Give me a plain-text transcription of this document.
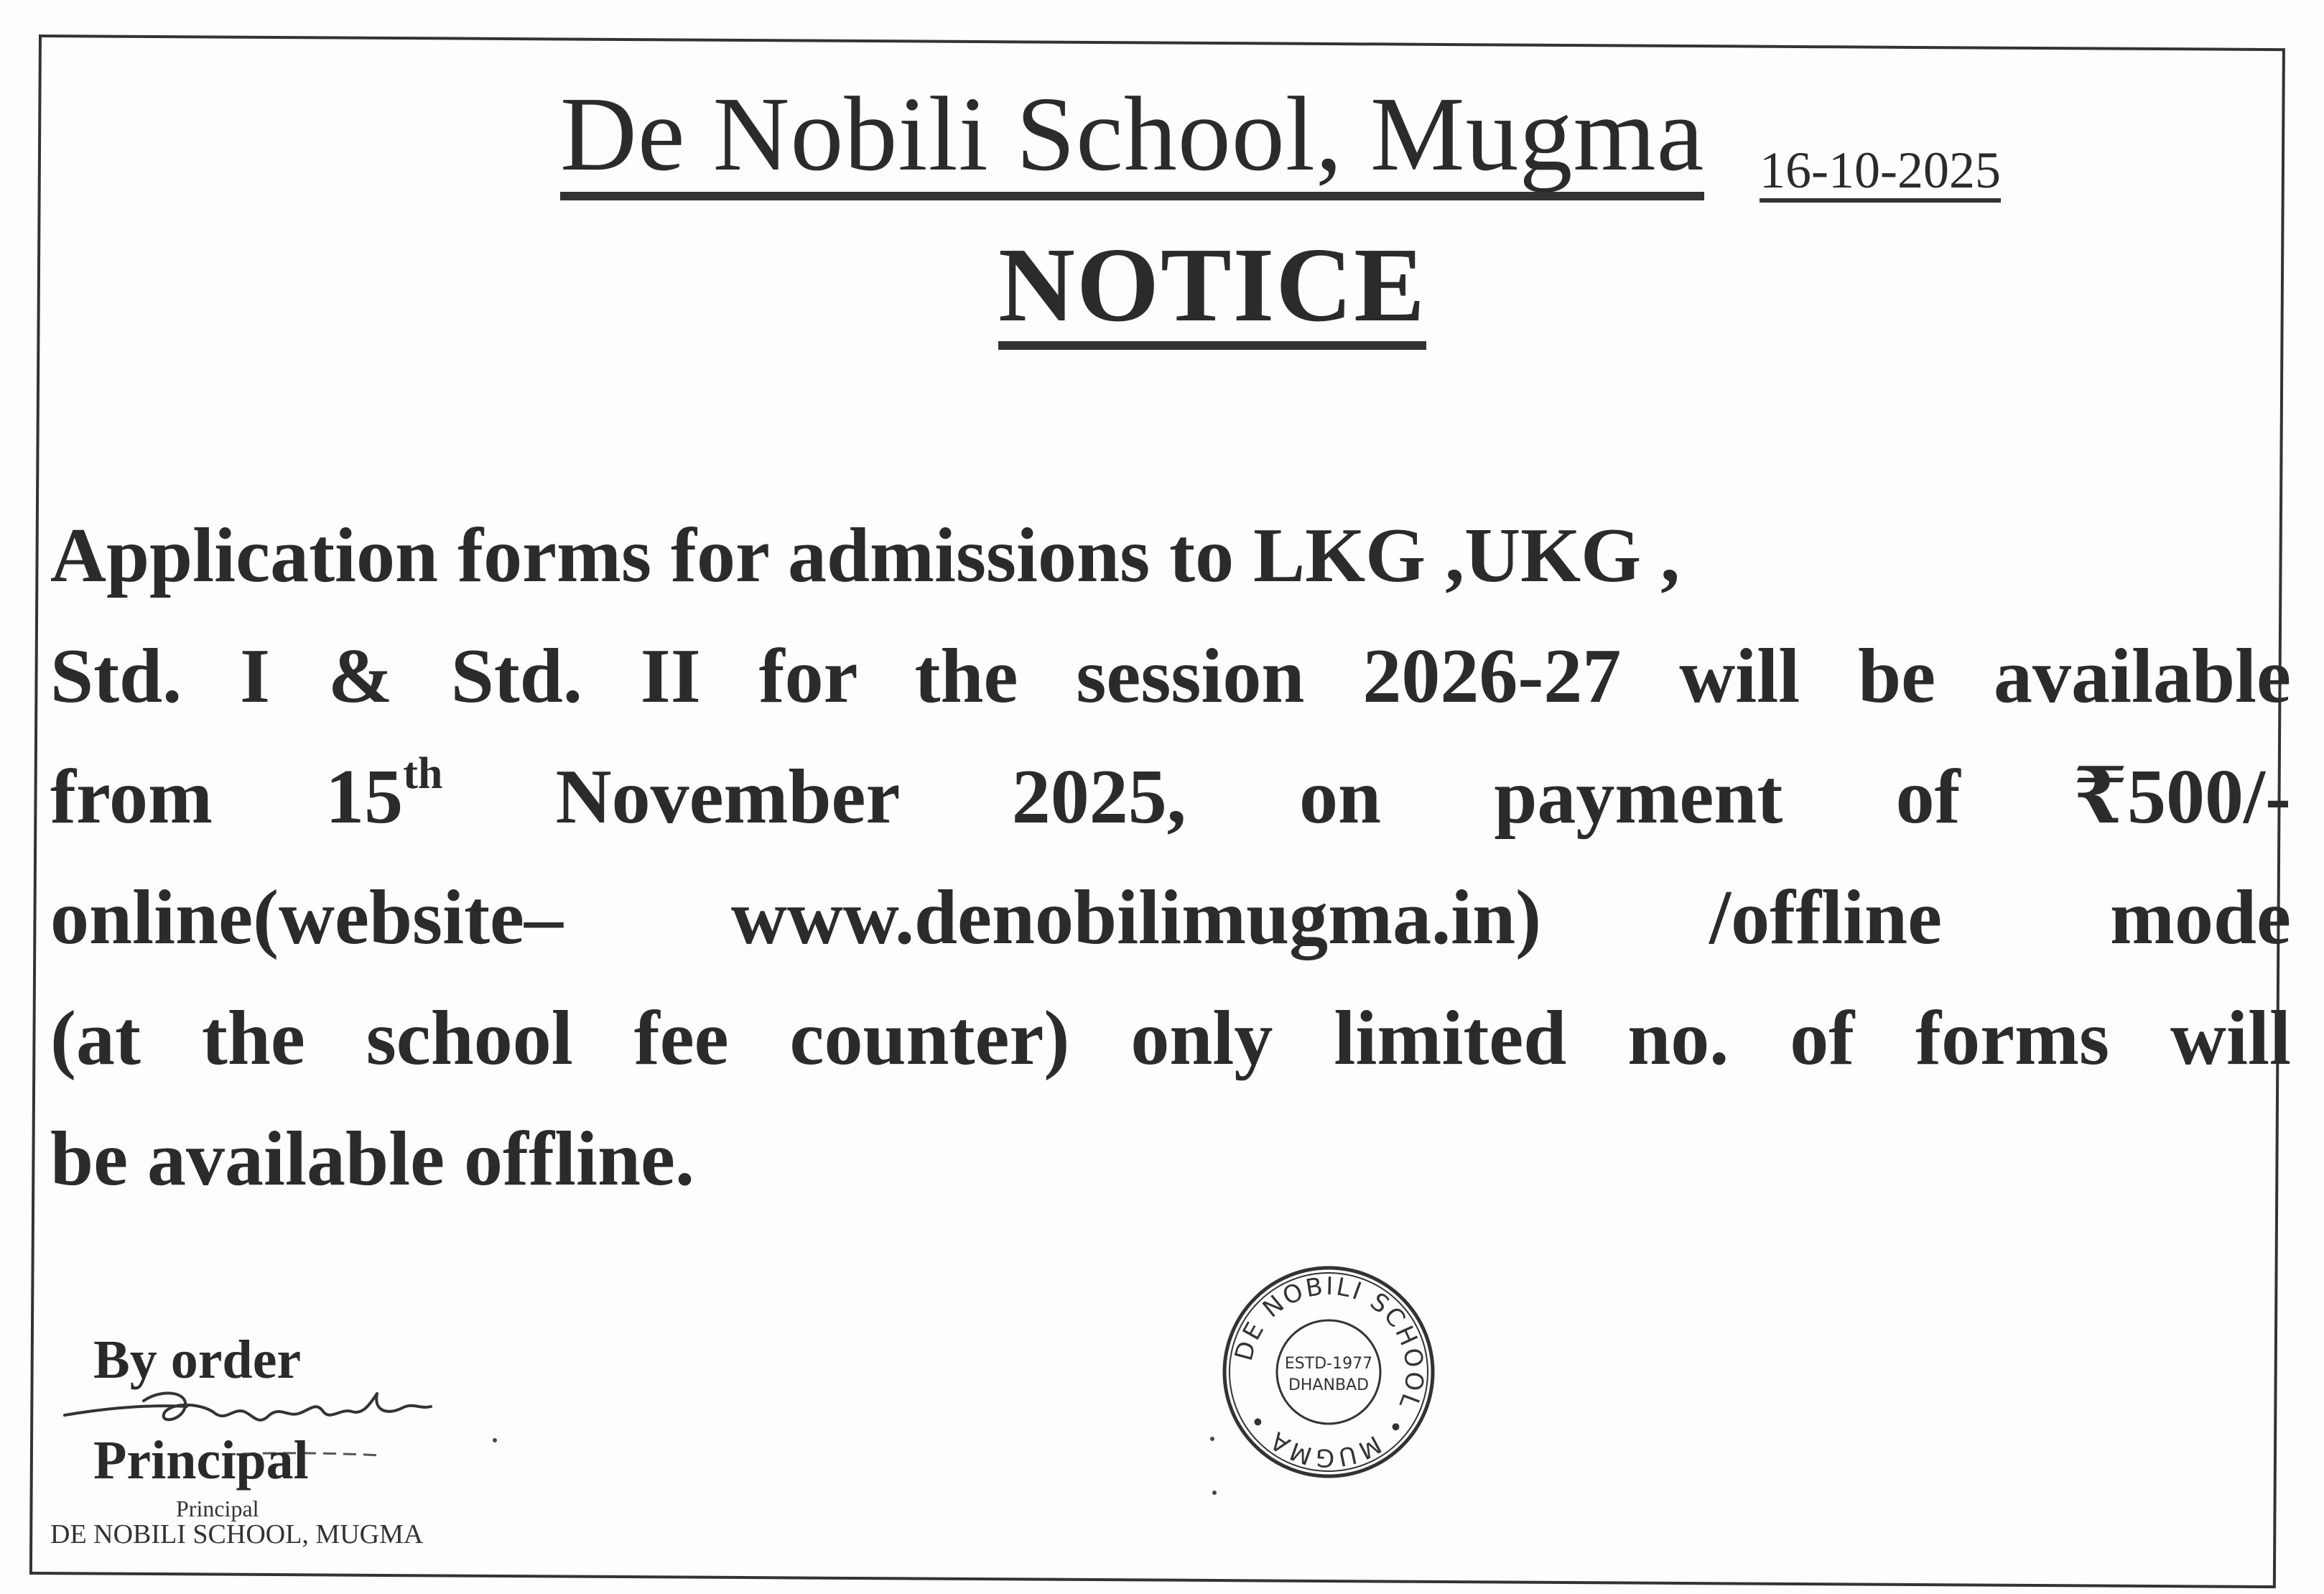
De Nobili School, Mugma 16-10-2025
NOTICE
Application forms for admissions to LKG ,UKG ,
Std. I & Std. II for the session 2026-27 will be available
from 15th November 2025, on payment of ₹500/-
online(website– www.denobilimugma.in) /offline mode
(at the school fee counter) only limited no. of forms will
be available offline.
By order
Principal
Principal
DE NOBILI SCHOOL, MUGMA
DE NOBILI SCHOOL • MUGMA •
ESTD-1977
DHANBAD
